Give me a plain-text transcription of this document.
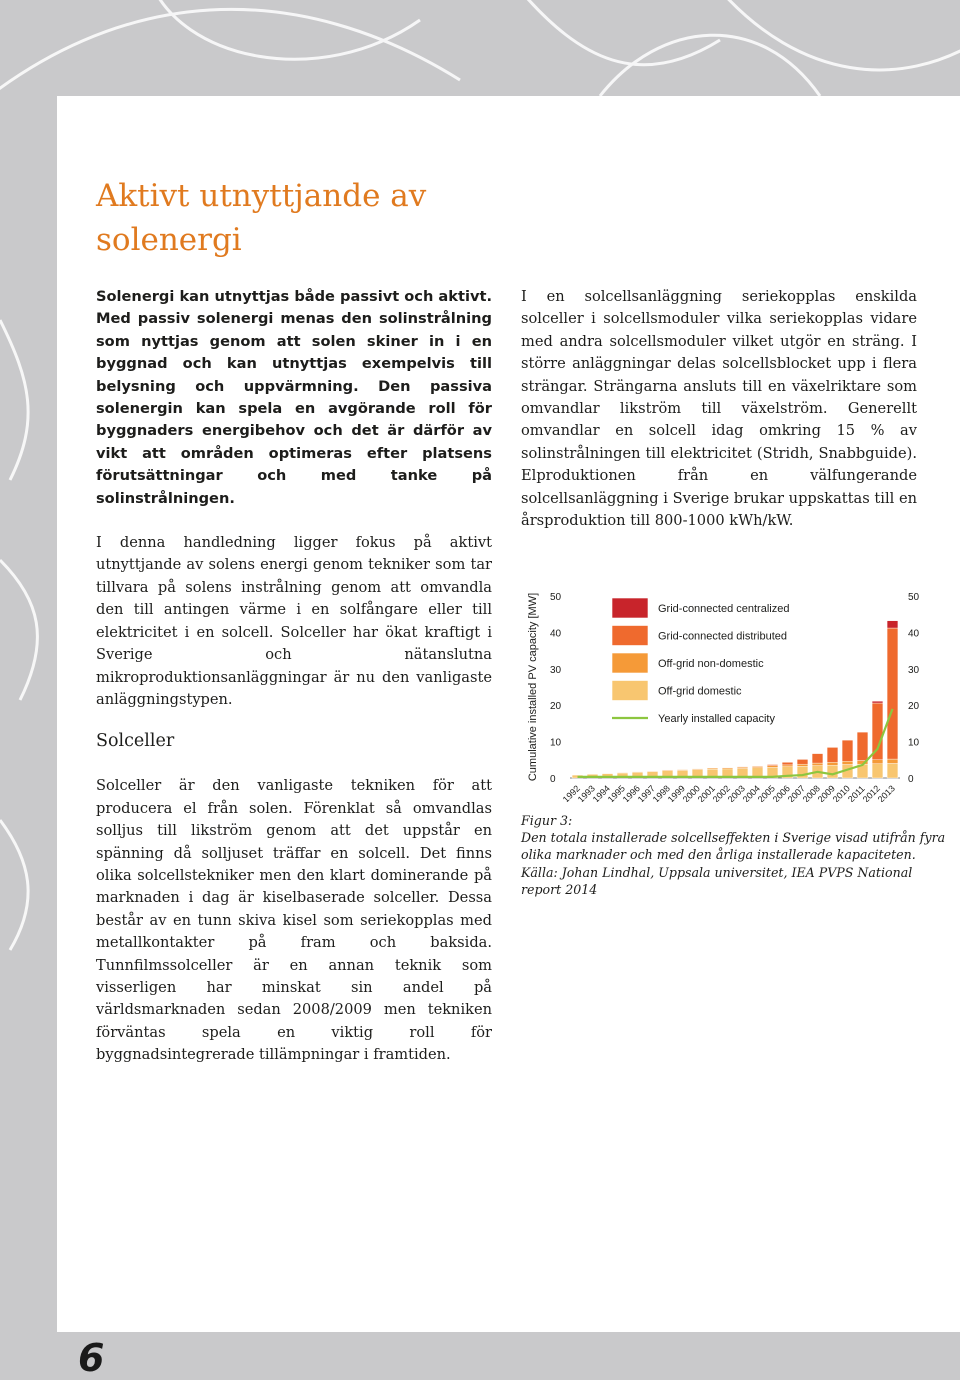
Aktivt utnyttjande av solenergi

Solenergi kan utnyttjas både passivt och aktivt. Med passiv solenergi menas den solinstrålning som nyttjas genom att solen skiner in i en byggnad och kan utnyttjas exempelvis till belysning och uppvärmning. Den passiva solenergin kan spela en avgörande roll för byggnaders energibehov och det är därför av vikt att områden optimeras efter platsens förutsättningar och med tanke på solinstrålningen.

I denna handledning ligger fokus på aktivt utnyttjande av solens energi genom tekniker som tar tillvara på solens instrålning genom att omvandla den till antingen värme i en solfångare eller till elektricitet i en solcell. Solceller har ökat kraftigt i Sverige och nätanslutna mikroproduktionsanläggningar är nu den vanligaste anläggningstypen.

Solceller

Solceller är den vanligaste tekniken för att producera el från solen. Förenklat så omvandlas solljus till likström genom att det uppstår en spänning då solljuset träffar en solcell. Det finns olika solcellstekniker men den klart dominerande på marknaden i dag är kiselbaserade solceller. Dessa består av en tunn skiva kisel som seriekopplas med metallkontakter på fram och baksida. Tunnfilmssolceller är en annan teknik som visserligen har minskat sin andel på världsmarknaden sedan 2008/2009 men tekniken förväntas spela en viktig roll för byggnadsintegrerade tillämpningar i framtiden.

I en solcellsanläggning seriekopplas enskilda solceller i solcellsmoduler vilka seriekopplas vidare med andra solcellsmoduler vilket utgör en sträng. I större anläggningar delas solcellsblocket upp i flera strängar. Strängarna ansluts till en växelriktare som omvandlar likström till växelström. Generellt omvandlar en solcell idag omkring 15 % av solinstrålningen till elektricitet (Stridh, Snabbguide). Elproduktionen från en välfungerande solcellsanläggning i Sverige brukar uppskattas till en årsproduktion till 800-1000 kWh/kW.

Cumulative installed PV capacity [MW] 0	0
10	10
20	20
30	30
40	40
50	50
1992
1993
1994
1995
1996
1997
1998
1999
2000
2001
2002
2003
2004
2005
2006
2007
2008
2009
2010
2011
2012
2013
Grid-connected centralized
Grid-connected distributed
Off-grid non-domestic
Off-grid domestic
Yearly installed capacity
Figur 3:
Den totala installerade solcellseffekten i Sverige visad utifrån fyra olika marknader och med den årliga installerade kapaciteten. Källa: Johan Lindhal, Uppsala universitet, IEA PVPS National report 2014
6
